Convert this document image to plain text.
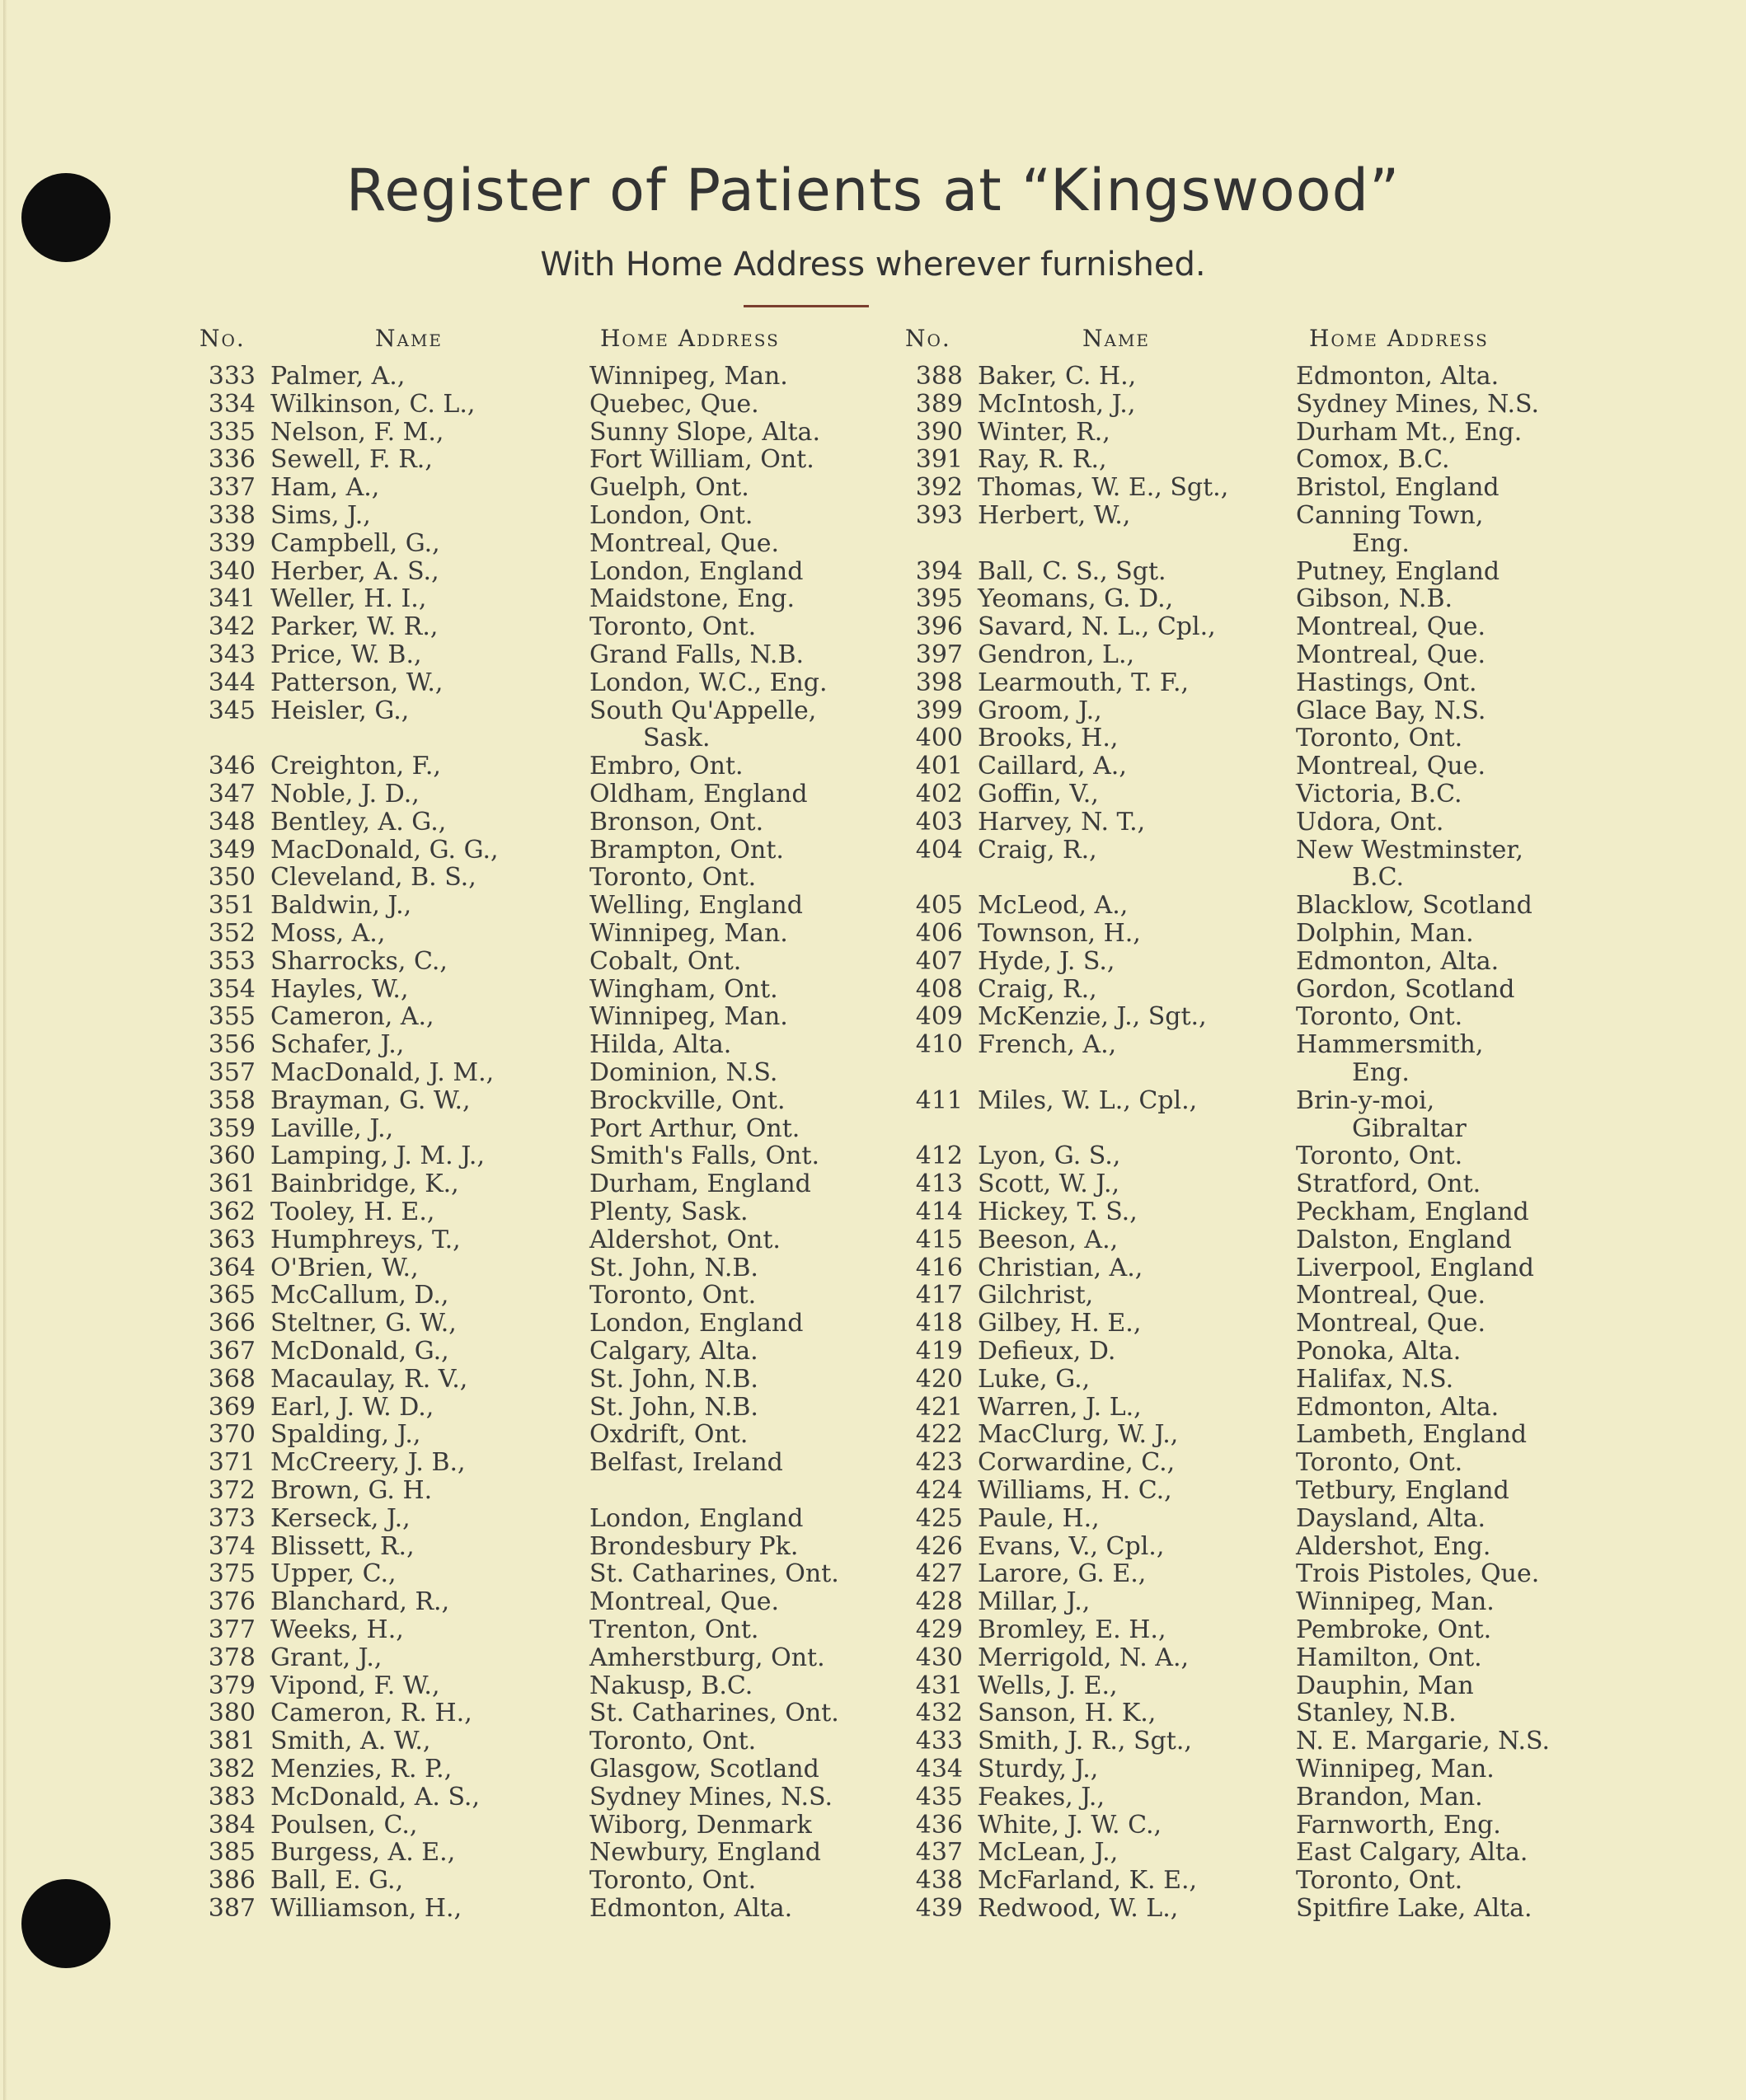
Register of Patients at “Kingswood”
With Home Address wherever furnished.
No.	Name	Home Address	No.	Name	Home Address
333 Palmer, A.,	Winnipeg, Man.
334 Wilkinson, C. L.,	Quebec, Que.
335 Nelson, F. M.,	Sunny Slope, Alta.
336 Sewell, F. R.,	Fort William, Ont.
337 Ham, A.,	Guelph, Ont.
338 Sims, J.,	London, Ont.
339 Campbell, G.,	Montreal, Que.
340 Herber, A. S.,	London, England
341 Weller, H. I.,	Maidstone, Eng.
342 Parker, W. R.,	Toronto, Ont.
343 Price, W. B.,	Grand Falls, N.B.
344 Patterson, W.,	London, W.C., Eng.
345 Heisler, G.,	South Qu'Appelle,
Sask.
346 Creighton, F.,	Embro, Ont.
347 Noble, J. D.,	Oldham, England
348 Bentley, A. G.,	Bronson, Ont.
349 MacDonald, G. G.,	Brampton, Ont.
350 Cleveland, B. S.,	Toronto, Ont.
351 Baldwin, J.,	Welling, England
352 Moss, A.,	Winnipeg, Man.
353 Sharrocks, C.,	Cobalt, Ont.
354 Hayles, W.,	Wingham, Ont.
355 Cameron, A.,	Winnipeg, Man.
356 Schafer, J.,	Hilda, Alta.
357 MacDonald, J. M.,	Dominion, N.S.
358 Brayman, G. W.,	Brockville, Ont.
359 Laville, J.,	Port Arthur, Ont.
360 Lamping, J. M. J.,	Smith's Falls, Ont.
361 Bainbridge, K.,	Durham, England
362 Tooley, H. E.,	Plenty, Sask.
363 Humphreys, T.,	Aldershot, Ont.
364 O'Brien, W.,	St. John, N.B.
365 McCallum, D.,	Toronto, Ont.
366 Steltner, G. W.,	London, England
367 McDonald, G.,	Calgary, Alta.
368 Macaulay, R. V.,	St. John, N.B.
369 Earl, J. W. D.,	St. John, N.B.
370 Spalding, J.,	Oxdrift, Ont.
371 McCreery, J. B.,	Belfast, Ireland
372 Brown, G. H.
373 Kerseck, J.,	London, England
374 Blissett, R.,	Brondesbury Pk.
375 Upper, C.,	St. Catharines, Ont.
376 Blanchard, R.,	Montreal, Que.
377 Weeks, H.,	Trenton, Ont.
378 Grant, J.,	Amherstburg, Ont.
379 Vipond, F. W.,	Nakusp, B.C.
380 Cameron, R. H.,	St. Catharines, Ont.
381 Smith, A. W.,	Toronto, Ont.
382 Menzies, R. P.,	Glasgow, Scotland
383 McDonald, A. S.,	Sydney Mines, N.S.
384 Poulsen, C.,	Wiborg, Denmark
385 Burgess, A. E.,	Newbury, England
386 Ball, E. G.,	Toronto, Ont.
387 Williamson, H.,	Edmonton, Alta.
388 Baker, C. H.,	Edmonton, Alta.
389 McIntosh, J.,	Sydney Mines, N.S.
390 Winter, R.,	Durham Mt., Eng.
391 Ray, R. R.,	Comox, B.C.
392 Thomas, W. E., Sgt.,	Bristol, England
393 Herbert, W.,	Canning Town,
Eng.
394 Ball, C. S., Sgt.	Putney, England
395 Yeomans, G. D.,	Gibson, N.B.
396 Savard, N. L., Cpl.,	Montreal, Que.
397 Gendron, L.,	Montreal, Que.
398 Learmouth, T. F.,	Hastings, Ont.
399 Groom, J.,	Glace Bay, N.S.
400 Brooks, H.,	Toronto, Ont.
401 Caillard, A.,	Montreal, Que.
402 Goffin, V.,	Victoria, B.C.
403 Harvey, N. T.,	Udora, Ont.
404 Craig, R.,	New Westminster,
B.C.
405 McLeod, A.,	Blacklow, Scotland
406 Townson, H.,	Dolphin, Man.
407 Hyde, J. S.,	Edmonton, Alta.
408 Craig, R.,	Gordon, Scotland
409 McKenzie, J., Sgt.,	Toronto, Ont.
410 French, A.,	Hammersmith,
Eng.
411 Miles, W. L., Cpl.,	Brin-y-moi,
Gibraltar
412 Lyon, G. S.,	Toronto, Ont.
413 Scott, W. J.,	Stratford, Ont.
414 Hickey, T. S.,	Peckham, England
415 Beeson, A.,	Dalston, England
416 Christian, A.,	Liverpool, England
417 Gilchrist,	Montreal, Que.
418 Gilbey, H. E.,	Montreal, Que.
419 Defieux, D.	Ponoka, Alta.
420 Luke, G.,	Halifax, N.S.
421 Warren, J. L.,	Edmonton, Alta.
422 MacClurg, W. J.,	Lambeth, England
423 Corwardine, C.,	Toronto, Ont.
424 Williams, H. C.,	Tetbury, England
425 Paule, H.,	Daysland, Alta.
426 Evans, V., Cpl.,	Aldershot, Eng.
427 Larore, G. E.,	Trois Pistoles, Que.
428 Millar, J.,	Winnipeg, Man.
429 Bromley, E. H.,	Pembroke, Ont.
430 Merrigold, N. A.,	Hamilton, Ont.
431 Wells, J. E.,	Dauphin, Man
432 Sanson, H. K.,	Stanley, N.B.
433 Smith, J. R., Sgt.,	N. E. Margarie, N.S.
434 Sturdy, J.,	Winnipeg, Man.
435 Feakes, J.,	Brandon, Man.
436 White, J. W. C.,	Farnworth, Eng.
437 McLean, J.,	East Calgary, Alta.
438 McFarland, K. E.,	Toronto, Ont.
439 Redwood, W. L.,	Spitfire Lake, Alta.
